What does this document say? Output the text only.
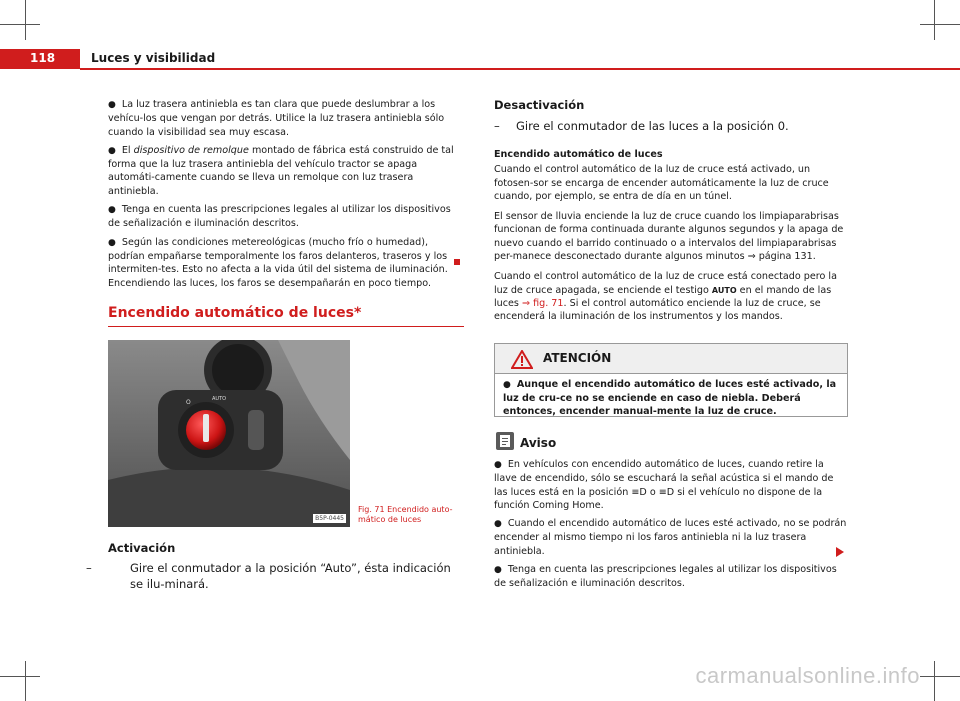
118	Luces y visibilidad

● La luz trasera antiniebla es tan clara que puede deslumbrar a los vehícu-los que vengan por detrás. Utilice la luz trasera antiniebla sólo cuando la visibilidad sea muy escasa.

● El dispositivo de remolque montado de fábrica está construido de tal forma que la luz trasera antiniebla del vehículo tractor se apaga automáti-camente cuando se lleva un remolque con luz trasera antiniebla.

● Tenga en cuenta las prescripciones legales al utilizar los dispositivos de señalización e iluminación descritos.

● Según las condiciones metereológicas (mucho frío o humedad), podrían empañarse temporalmente los faros delanteros, traseros y los intermiten-tes. Esto no afecta a la vida útil del sistema de iluminación. Encendiendo las luces, los faros se desempañarán en poco tiempo.

Encendido automático de luces*
O	AUTO
B5P-0445
Fig. 71 Encendido auto-mático de luces
Activación
–	Gire el conmutador a la posición “Auto”, ésta indicación se ilu-minará.
Desactivación
– Gire el conmutador de las luces a la posición 0.
Encendido automático de luces

Cuando el control automático de la luz de cruce está activado, un fotosen-sor se encarga de encender automáticamente la luz de cruce cuando, por ejemplo, se entra de día en un túnel.

El sensor de lluvia enciende la luz de cruce cuando los limpiaparabrisas funcionan de forma continuada durante algunos segundos y la apaga de nuevo cuando el barrido continuado o a intervalos del limpiaparabrisas per-manece desconectado durante algunos minutos ⇒ página 131.

Cuando el control automático de la luz de cruce está conectado pero la luz de cruce apagada, se enciende el testigo AUTO en el mando de las luces ⇒ fig. 71. Si el control automático enciende la luz de cruce, se encenderá la iluminación de los instrumentos y los mandos.

ATENCIÓN
● Aunque el encendido automático de luces esté activado, la luz de cru-ce no se enciende en caso de niebla. Deberá entonces, encender manual-mente la luz de cruce.
Aviso

● En vehículos con encendido automático de luces, cuando retire la llave de encendido, sólo se escuchará la señal acústica si el mando de las luces está en la posición ≡D o ≡D si el vehículo no dispone de la función Coming Home.

● Cuando el encendido automático de luces esté activado, no se podrán encender al mismo tiempo ni los faros antiniebla ni la luz trasera antiniebla.

● Tenga en cuenta las prescripciones legales al utilizar los dispositivos de señalización e iluminación descritos.

carmanualsonline.info
